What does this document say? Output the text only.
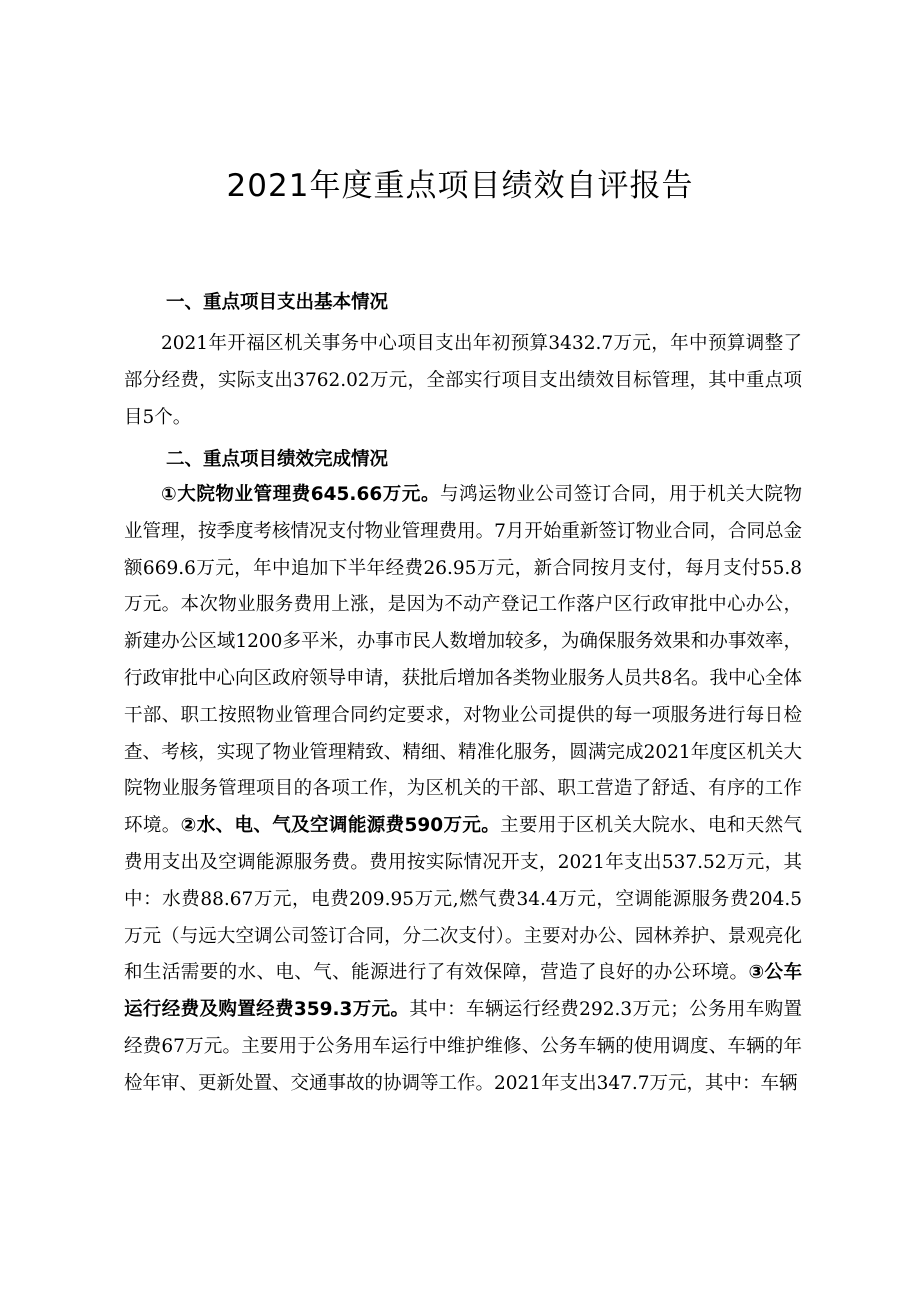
2021年度重点项目绩效自评报告
一、重点项目支出基本情况

2021年开福区机关事务中心项目支出年初预算3432.7万元，年中预算调整了部分经费，实际支出3762.02万元，全部实行项目支出绩效目标管理，其中重点项目5个。

二、重点项目绩效完成情况

①大院物业管理费645.66万元。与鸿运物业公司签订合同，用于机关大院物业管理，按季度考核情况支付物业管理费用。7月开始重新签订物业合同，合同总金额669.6万元，年中追加下半年经费26.95万元，新合同按月支付，每月支付55.8万元。本次物业服务费用上涨，是因为不动产登记工作落户区行政审批中心办公，新建办公区域1200多平米，办事市民人数增加较多，为确保服务效果和办事效率，行政审批中心向区政府领导申请，获批后增加各类物业服务人员共8名。我中心全体干部、职工按照物业管理合同约定要求，对物业公司提供的每一项服务进行每日检查、考核，实现了物业管理精致、精细、精准化服务，圆满完成2021年度区机关大院物业服务管理项目的各项工作，为区机关的干部、职工营造了舒适、有序的工作环境。②水、电、气及空调能源费590万元。主要用于区机关大院水、电和天然气费用支出及空调能源服务费。费用按实际情况开支，2021年支出537.52万元，其中：水费88.67万元，电费209.95万元,燃气费34.4万元，空调能源服务费204.5万元（与远大空调公司签订合同，分二次支付）。主要对办公、园林养护、景观亮化和生活需要的水、电、气、能源进行了有效保障，营造了良好的办公环境。③公车运行经费及购置经费359.3万元。其中：车辆运行经费292.3万元；公务用车购置经费67万元。主要用于公务用车运行中维护维修、公务车辆的使用调度、车辆的年检年审、更新处置、交通事故的协调等工作。2021年支出347.7万元，其中：车辆
